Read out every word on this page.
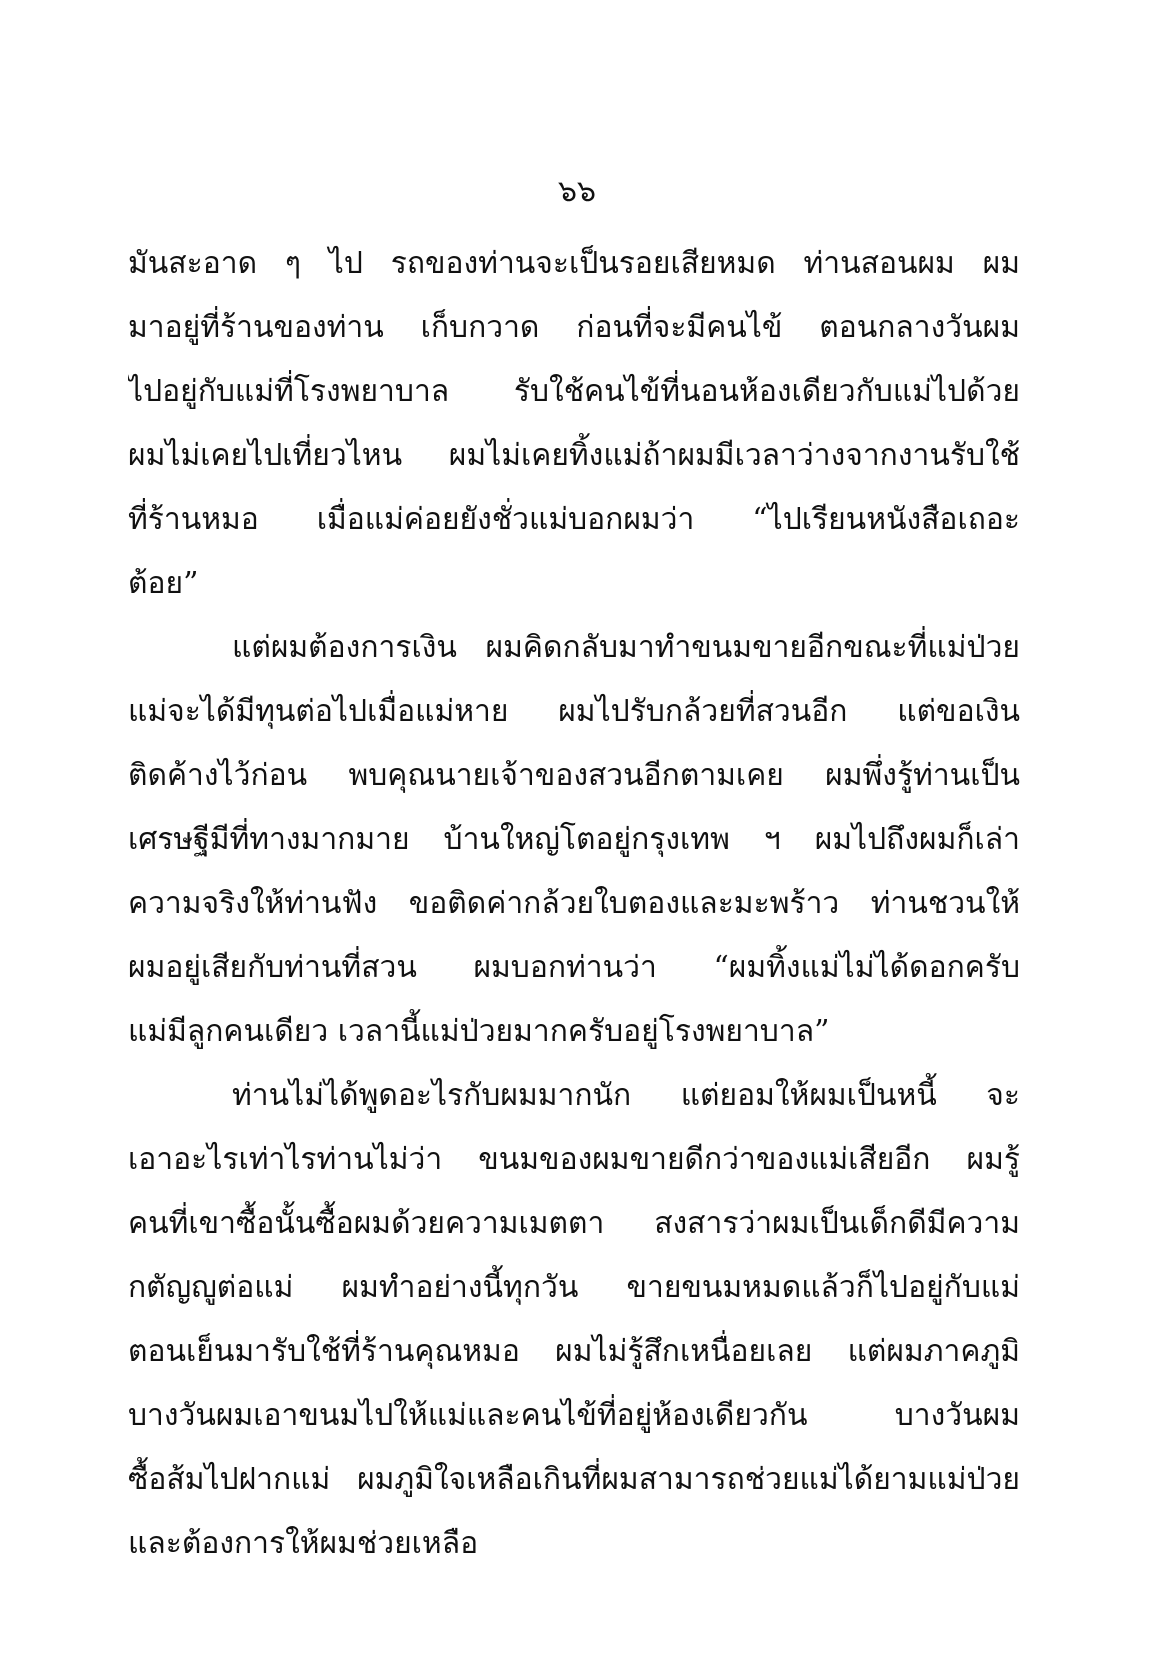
๖๖
มันสะอาด ๆ ไป รถของท่านจะเป็นรอยเสียหมด ท่านสอนผม ผม
มาอยู่ที่ร้านของท่าน เก็บกวาด ก่อนที่จะมีคนไข้ ตอนกลางวันผม
ไปอยู่กับแม่ที่โรงพยาบาล รับใช้คนไข้ที่นอนห้องเดียวกับแม่ไปด้วย
ผมไม่เคยไปเที่ยวไหน ผมไม่เคยทิ้งแม่ถ้าผมมีเวลาว่างจากงานรับใช้
ที่ร้านหมอ เมื่อแม่ค่อยยังชั่วแม่บอกผมว่า “ไปเรียนหนังสือเถอะ
ต้อย”
แต่ผมต้องการเงิน ผมคิดกลับมาทำขนมขายอีกขณะที่แม่ป่วย
แม่จะได้มีทุนต่อไปเมื่อแม่หาย ผมไปรับกล้วยที่สวนอีก แต่ขอเงิน
ติดค้างไว้ก่อน พบคุณนายเจ้าของสวนอีกตามเคย ผมพึ่งรู้ท่านเป็น
เศรษฐีมีที่ทางมากมาย บ้านใหญ่โตอยู่กรุงเทพ ฯ ผมไปถึงผมก็เล่า
ความจริงให้ท่านฟัง ขอติดค่ากล้วยใบตองและมะพร้าว ท่านชวนให้
ผมอยู่เสียกับท่านที่สวน ผมบอกท่านว่า “ผมทิ้งแม่ไม่ได้ดอกครับ
แม่มีลูกคนเดียว เวลานี้แม่ป่วยมากครับอยู่โรงพยาบาล”
ท่านไม่ได้พูดอะไรกับผมมากนัก แต่ยอมให้ผมเป็นหนี้ จะ
เอาอะไรเท่าไรท่านไม่ว่า ขนมของผมขายดีกว่าของแม่เสียอีก ผมรู้
คนที่เขาซื้อนั้นซื้อผมด้วยความเมตตา สงสารว่าผมเป็นเด็กดีมีความ
กตัญญูต่อแม่ ผมทำอย่างนี้ทุกวัน ขายขนมหมดแล้วก็ไปอยู่กับแม่
ตอนเย็นมารับใช้ที่ร้านคุณหมอ ผมไม่รู้สึกเหนื่อยเลย แต่ผมภาคภูมิ
บางวันผมเอาขนมไปให้แม่และคนไข้ที่อยู่ห้องเดียวกัน บางวันผม
ซื้อส้มไปฝากแม่ ผมภูมิใจเหลือเกินที่ผมสามารถช่วยแม่ได้ยามแม่ป่วย
และต้องการให้ผมช่วยเหลือ
